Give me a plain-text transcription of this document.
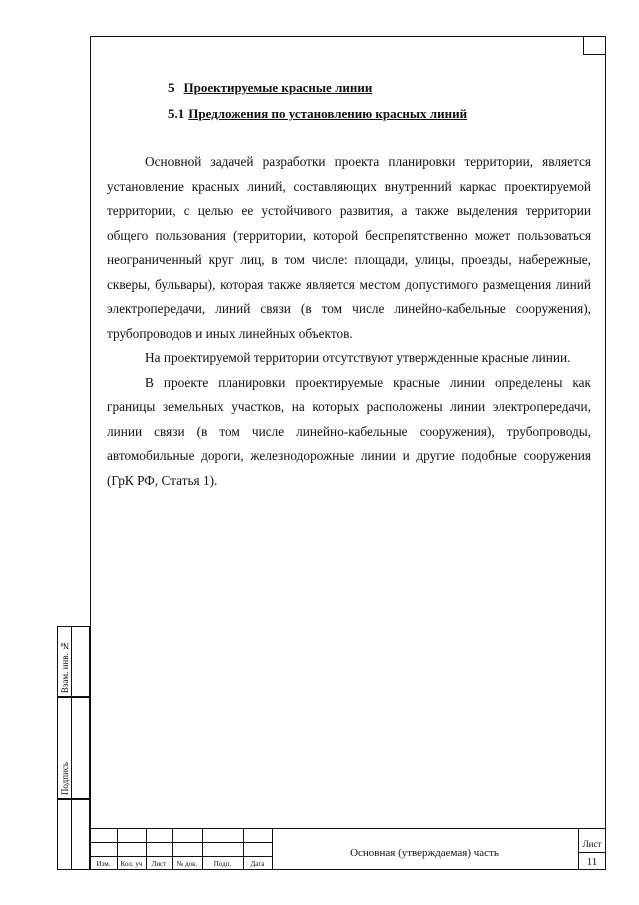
5 Проектируемые красные линии
5.1 Предложения по установлению красных линий

Основной задачей разработки проекта планировки территории, является установление красных линий, составляющих внутренний каркас проектируемой территории, с целью ее устойчивого развития, а также выделения территории общего пользования (территории, которой беспрепятственно может пользоваться неограниченный круг лиц, в том числе: площади, улицы, проезды, набережные, скверы, бульвары), которая также является местом допустимого размещения линий электропередачи, линий связи (в том числе линейно-кабельные сооружения), трубопроводов и иных линейных объектов.

На проектируемой территории отсутствуют утвержденные красные линии.

В проекте планировки проектируемые красные линии определены как границы земельных участков, на которых расположены линии электропередачи, линии связи (в том числе линейно-кабельные сооружения), трубопроводы, автомобильные дороги, железнодорожные линии и другие подобные сооружения (ГрК РФ, Статья 1).

Взам. инв. №
Подпись
Изм.	Кол. уч	Лист	№ док.	Подп.	Дата
Основная (утверждаемая) часть
Лист
11
